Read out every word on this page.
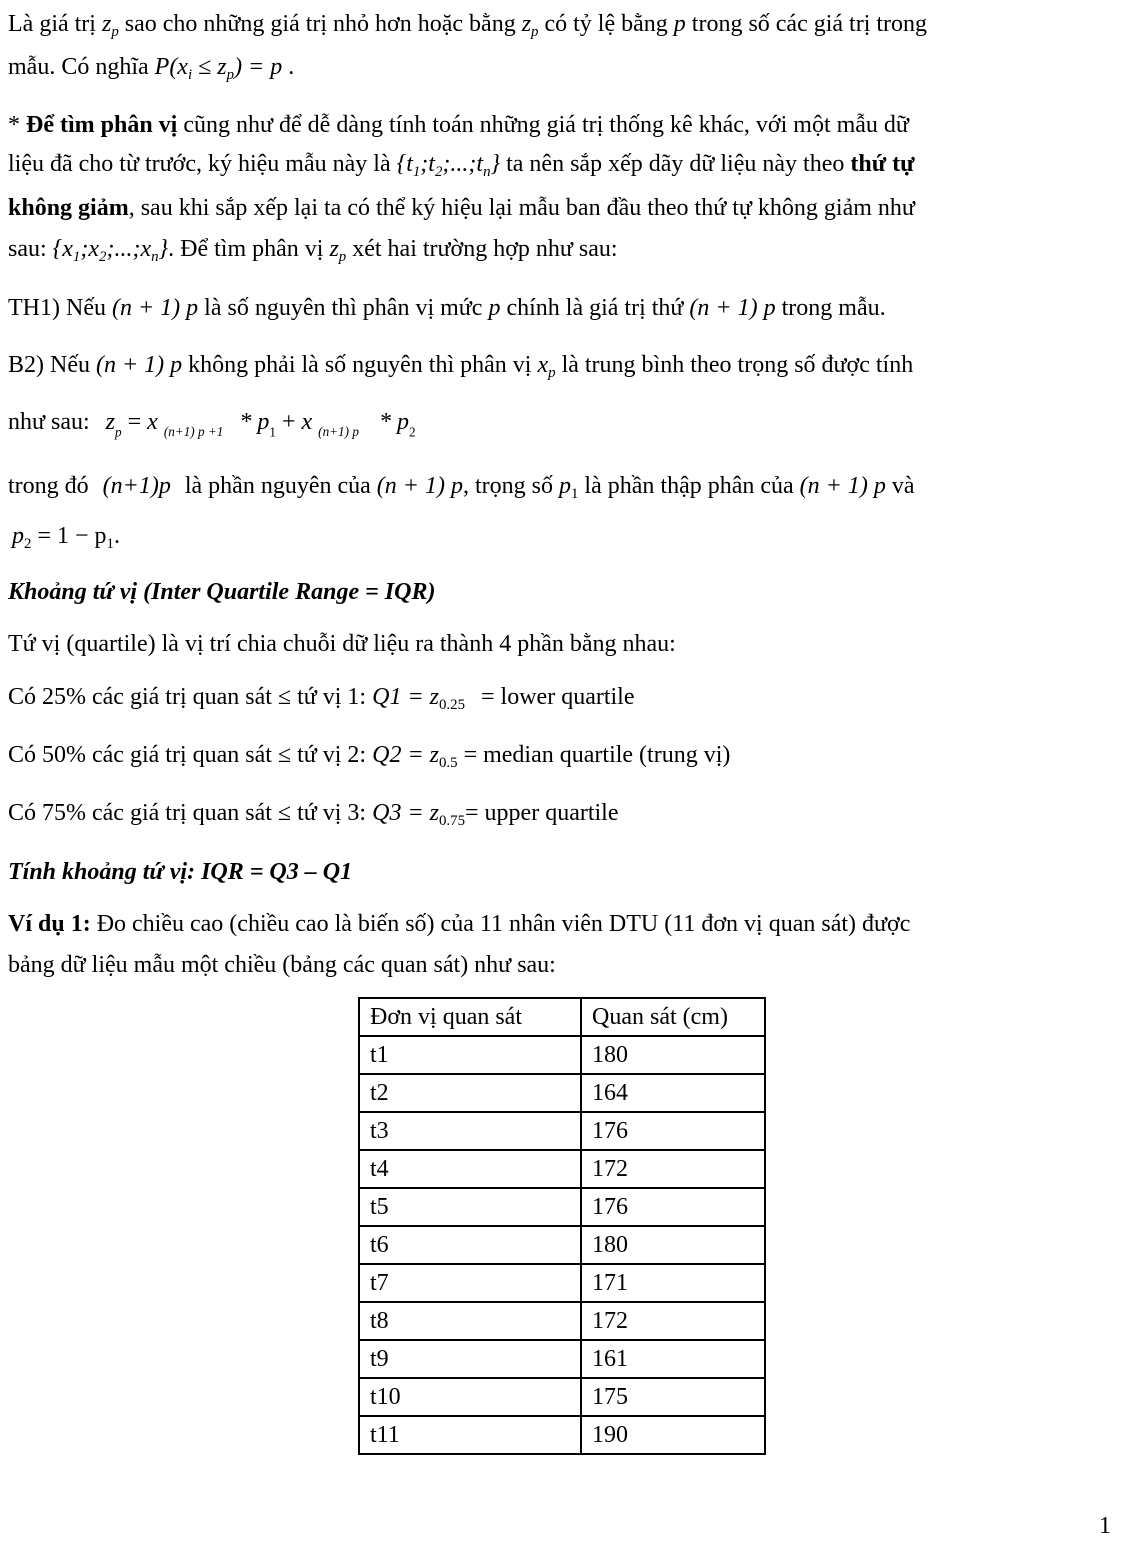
Là giá trị $z_p$ sao cho những giá trị nhỏ hơn hoặc bằng $z_p$ có tỷ lệ bằng p trong số các giá trị trong
mẫu. Có nghĩa $P(x_i \le z_p) = p$ .
* Để tìm phân vị cũng như để dễ dàng tính toán những giá trị thống kê khác, với một mẫu dữ
liệu đã cho từ trước, ký hiệu mẫu này là $\{t_1;t_2;...;t_n\}$ ta nên sắp xếp dãy dữ liệu này theo thứ tự
không giảm, sau khi sắp xếp lại ta có thể ký hiệu lại mẫu ban đầu theo thứ tự không giảm như
sau: $\{x_1;x_2;...;x_n\}$. Để tìm phân vị $z_p$ xét hai trường hợp như sau:
TH1) Nếu (n + 1) p là số nguyên thì phân vị mức p chính là giá trị thứ (n + 1) p trong mẫu.
B2) Nếu (n + 1) p không phải là số nguyên thì phân vị $x_p$ là trung bình theo trọng số được tính
như sau: $z_p = x$ $_{(n+1) p +1} * p_1 + x$ $_{(n+1) p} * p_2$
trong đó (n+1)p là phần nguyên của (n + 1) p, trọng số $p_1$ là phần thập phân của (n + 1) p và
$p_2 = 1 - p_1$.
Khoảng tứ vị (Inter Quartile Range = IQR)
Tứ vị (quartile) là vị trí chia chuỗi dữ liệu ra thành 4 phần bằng nhau:
Có 25% các giá trị quan sát ≤ tứ vị 1: $Q1 = z_{0.25}$ = lower quartile
Có 50% các giá trị quan sát ≤ tứ vị 2: $Q2 = z_{0.5}$ = median quartile (trung vị)
Có 75% các giá trị quan sát ≤ tứ vị 3: $Q3 = z_{0.75}=$ upper quartile
Tính khoảng tứ vị: IQR = Q3 – Q1
Ví dụ 1: Đo chiều cao (chiều cao là biến số) của 11 nhân viên DTU (11 đơn vị quan sát) được
bảng dữ liệu mẫu một chiều (bảng các quan sát) như sau:
Đơn vị quan sát	Quan sát (cm)
t1	180
t2	164
t3	176
t4	172
t5	176
t6	180
t7	171
t8	172
t9	161
t10	175
t11	190
1
